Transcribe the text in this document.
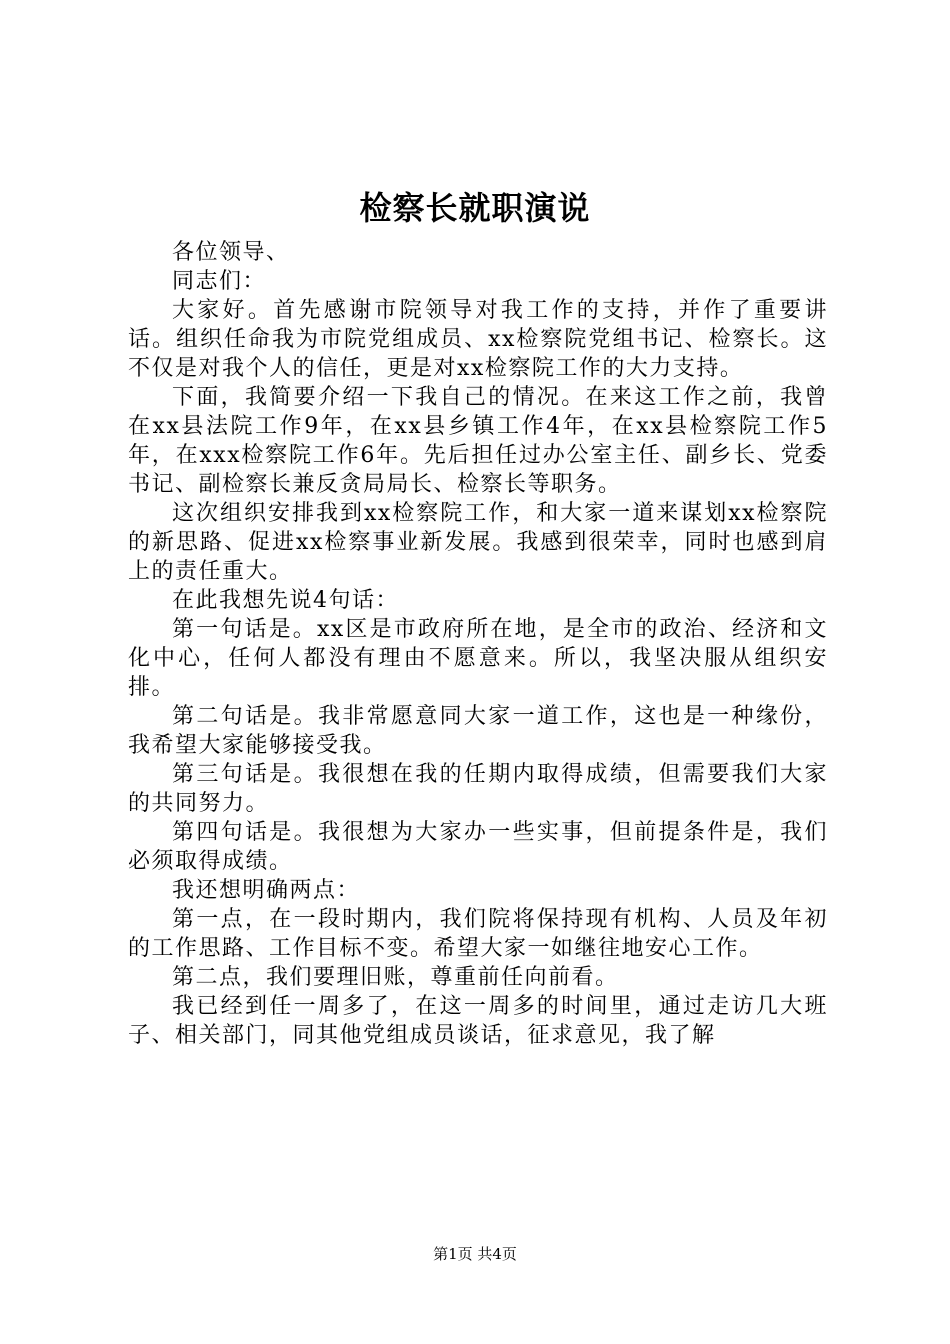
检察长就职演说

各位领导、

同志们：

大家好。首先感谢市院领导对我工作的支持，并作了重要讲话。组织任命我为市院党组成员、xx检察院党组书记、检察长。这不仅是对我个人的信任，更是对xx检察院工作的大力支持。

下面，我简要介绍一下我自己的情况。在来这工作之前，我曾在xx县法院工作9年，在xx县乡镇工作4年，在xx县检察院工作5年，在xxx检察院工作6年。先后担任过办公室主任、副乡长、党委书记、副检察长兼反贪局局长、检察长等职务。

这次组织安排我到xx检察院工作，和大家一道来谋划xx检察院的新思路、促进xx检察事业新发展。我感到很荣幸，同时也感到肩上的责任重大。

在此我想先说4句话：

第一句话是。xx区是市政府所在地，是全市的政治、经济和文化中心，任何人都没有理由不愿意来。所以，我坚决服从组织安排。

第二句话是。我非常愿意同大家一道工作，这也是一种缘份，我希望大家能够接受我。

第三句话是。我很想在我的任期内取得成绩，但需要我们大家的共同努力。

第四句话是。我很想为大家办一些实事，但前提条件是，我们必须取得成绩。

我还想明确两点：

第一点，在一段时期内，我们院将保持现有机构、人员及年初的工作思路、工作目标不变。希望大家一如继往地安心工作。

第二点，我们要理旧账，尊重前任向前看。

我已经到任一周多了，在这一周多的时间里，通过走访几大班子、相关部门，同其他党组成员谈话，征求意见，我了解

第1页 共4页
